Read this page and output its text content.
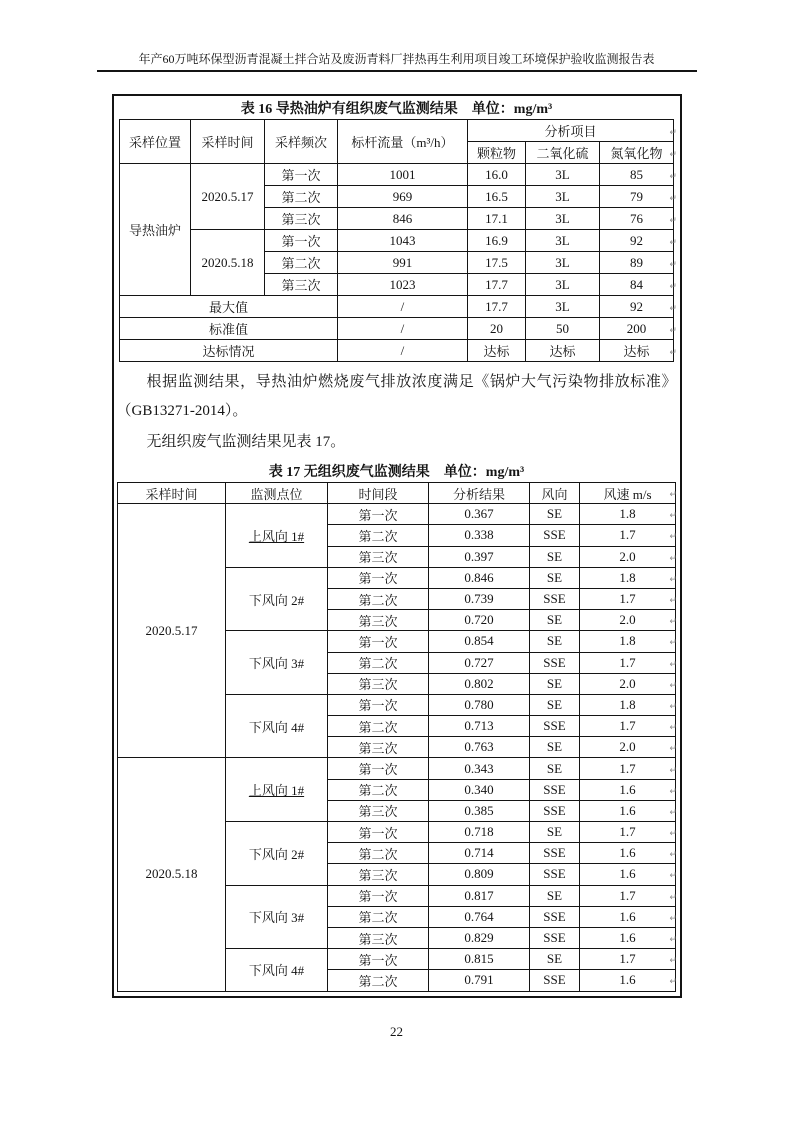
年产60万吨环保型沥青混凝土拌合站及废沥青料厂拌热再生利用项目竣工环境保护验收监测报告表
表 16 导热油炉有组织废气监测结果 单位：mg/m³
采样位置	采样时间	采样频次	标杆流量（m³/h）	分析项目		
				颗粒物	二氧化硫	氮氧化物
导热油炉	2020.5.17	第一次	1001	16.0	3L	85
		第二次	969	16.5	3L	79
		第三次	846	17.1	3L	76
	2020.5.18	第一次	1043	16.9	3L	92
		第二次	991	17.5	3L	89
		第三次	1023	17.7	3L	84
最大值			/	17.7	3L	92
标准值			/	20	50	200
达标情况			/	达标	达标	达标

根据监测结果，导热油炉燃烧废气排放浓度满足《锅炉大气污染物排放标准》（GB13271-2014）。

无组织废气监测结果见表 17。

表 17 无组织废气监测结果 单位：mg/m³
采样时间	监测点位	时间段	分析结果	风向	风速 m/s
2020.5.17	上风向 1#	第一次	0.367	SE	1.8
		第二次	0.338	SSE	1.7
		第三次	0.397	SE	2.0
	下风向 2#	第一次	0.846	SE	1.8
		第二次	0.739	SSE	1.7
		第三次	0.720	SE	2.0
	下风向 3#	第一次	0.854	SE	1.8
		第二次	0.727	SSE	1.7
		第三次	0.802	SE	2.0
	下风向 4#	第一次	0.780	SE	1.8
		第二次	0.713	SSE	1.7
		第三次	0.763	SE	2.0
2020.5.18	上风向 1#	第一次	0.343	SE	1.7
		第二次	0.340	SSE	1.6
		第三次	0.385	SSE	1.6
	下风向 2#	第一次	0.718	SE	1.7
		第二次	0.714	SSE	1.6
		第三次	0.809	SSE	1.6
	下风向 3#	第一次	0.817	SE	1.7
		第二次	0.764	SSE	1.6
		第三次	0.829	SSE	1.6
	下风向 4#	第一次	0.815	SE	1.7
		第二次	0.791	SSE	1.6
↵
↵
↵
↵
↵
↵
↵
↵
↵
↵
↵
↵
↵
↵
↵
↵
↵
↵
↵
↵
↵
↵
↵
↵
↵
↵
↵
↵
↵
↵
↵
↵
↵
↵
↵
22
